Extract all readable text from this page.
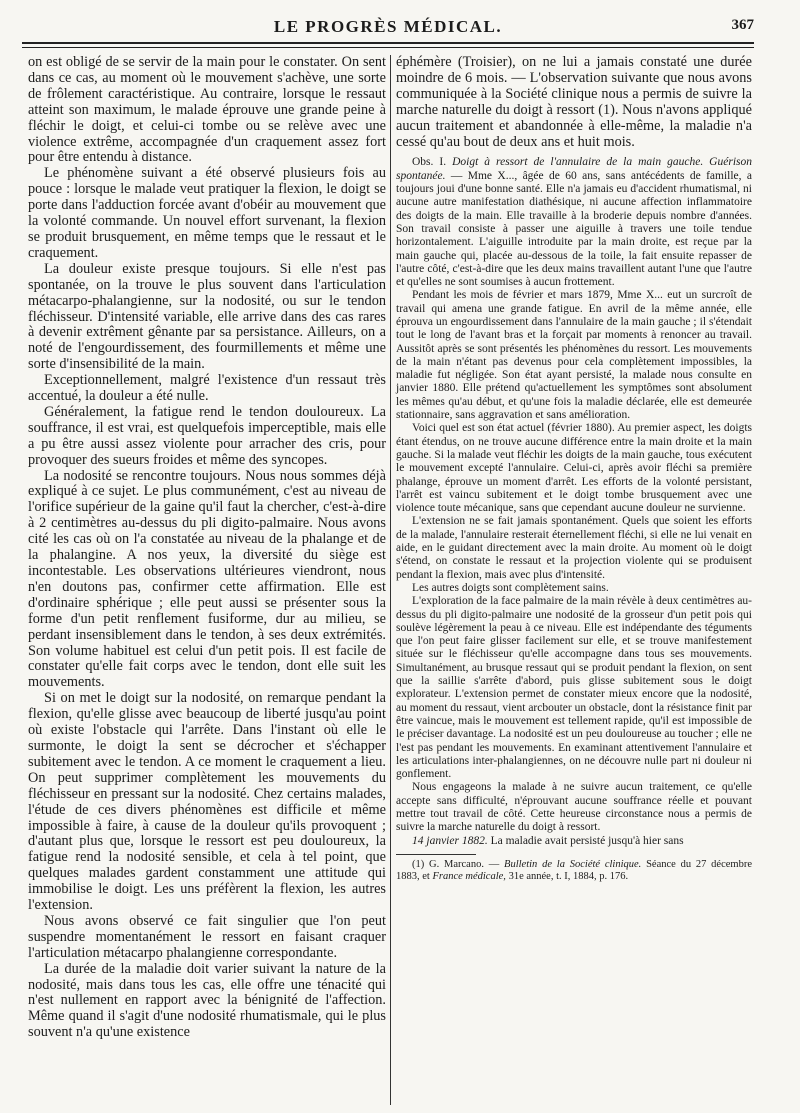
LE PROGRÈS MÉDICAL.	367

on est obligé de se servir de la main pour le constater. On sent dans ce cas, au moment où le mouvement s'achève, une sorte de frôlement caractéristique. Au contraire, lorsque le ressaut atteint son maximum, le malade éprouve une grande peine à fléchir le doigt, et celui-ci tombe ou se relève avec une violence extrême, accompagnée d'un craquement assez fort pour être entendu à distance.

Le phénomène suivant a été observé plusieurs fois au pouce : lorsque le malade veut pratiquer la flexion, le doigt se porte dans l'adduction forcée avant d'obéir au mouvement que la volonté commande. Un nouvel effort survenant, la flexion se produit brusquement, en même temps que le ressaut et le craquement.

La douleur existe presque toujours. Si elle n'est pas spontanée, on la trouve le plus souvent dans l'articulation métacarpo-phalangienne, sur la nodosité, ou sur le tendon fléchisseur. D'intensité variable, elle arrive dans des cas rares à devenir extrêment gênante par sa persistance. Ailleurs, on a noté de l'engourdissement, des fourmillements et même une sorte d'insensibilité de la main.

Exceptionnellement, malgré l'existence d'un ressaut très accentué, la douleur a été nulle.

Généralement, la fatigue rend le tendon douloureux. La souffrance, il est vrai, est quelquefois imperceptible, mais elle a pu être aussi assez violente pour arracher des cris, pour provoquer des sueurs froides et même des syncopes.

La nodosité se rencontre toujours. Nous nous sommes déjà expliqué à ce sujet. Le plus communément, c'est au niveau de l'orifice supérieur de la gaine qu'il faut la chercher, c'est-à-dire à 2 centimètres au-dessus du pli digito-palmaire. Nous avons cité les cas où on l'a constatée au niveau de la phalange et de la phalangine. A nos yeux, la diversité du siège est incontestable. Les observations ultérieures viendront, nous n'en doutons pas, confirmer cette affirmation. Elle est d'ordinaire sphérique ; elle peut aussi se présenter sous la forme d'un petit renflement fusiforme, dur au milieu, se perdant insensiblement dans le tendon, à ses deux extrémités. Son volume habituel est celui d'un petit pois. Il est facile de constater qu'elle fait corps avec le tendon, dont elle suit les mouvements.

Si on met le doigt sur la nodosité, on remarque pendant la flexion, qu'elle glisse avec beaucoup de liberté jusqu'au point où existe l'obstacle qui l'arrête. Dans l'instant où elle le surmonte, le doigt la sent se décrocher et s'échapper subitement avec le tendon. A ce moment le craquement a lieu. On peut supprimer complètement les mouvements du fléchisseur en pressant sur la nodosité. Chez certains malades, l'étude de ces divers phénomènes est difficile et même impossible à faire, à cause de la douleur qu'ils provoquent ; d'autant plus que, lorsque le ressort est peu douloureux, la fatigue rend la nodosité sensible, et cela à tel point, que quelques malades gardent constamment une attitude qui immobilise le doigt. Les uns préfèrent la flexion, les autres l'extension.

Nous avons observé ce fait singulier que l'on peut suspendre momentanément le ressort en faisant craquer l'articulation métacarpo phalangienne correspondante.

La durée de la maladie doit varier suivant la nature de la nodosité, mais dans tous les cas, elle offre une ténacité qui n'est nullement en rapport avec la bénignité de l'affection. Même quand il s'agit d'une nodosité rhumatismale, qui le plus souvent n'a qu'une existence

éphémère (Troisier), on ne lui a jamais constaté une durée moindre de 6 mois. — L'observation suivante que nous avons communiquée à la Société clinique nous a permis de suivre la marche naturelle du doigt à ressort (1). Nous n'avons appliqué aucun traitement et abandonnée à elle-même, la maladie n'a cessé qu'au bout de deux ans et huit mois.

Obs. I. Doigt à ressort de l'annulaire de la main gauche. Guérison spontanée. — Mme X..., âgée de 60 ans, sans antécédents de famille, a toujours joui d'une bonne santé. Elle n'a jamais eu d'accident rhumatismal, ni aucune autre manifestation diathésique, ni aucune affection inflammatoire des doigts de la main. Elle travaille à la broderie depuis nombre d'années. Son travail consiste à passer une aiguille à travers une toile tendue horizontalement. L'aiguille introduite par la main droite, est reçue par la main gauche qui, placée au-dessous de la toile, la fait ensuite repasser de l'autre côté, c'est-à-dire que les deux mains travaillent autant l'une que l'autre et qu'elles ne sont soumises à aucun frottement.

Pendant les mois de février et mars 1879, Mme X... eut un surcroît de travail qui amena une grande fatigue. En avril de la même année, elle éprouva un engourdissement dans l'annulaire de la main gauche ; il s'étendait tout le long de l'avant bras et la forçait par moments à renoncer au travail. Aussitôt après se sont présentés les phénomènes du ressort. Les mouvements de la main n'étant pas devenus pour cela complètement impossibles, la maladie fut négligée. Son état ayant persisté, la malade nous consulte en janvier 1880. Elle prétend qu'actuellement les symptômes sont absolument les mêmes qu'au début, et qu'une fois la maladie déclarée, elle est demeurée stationnaire, sans aggravation et sans amélioration.

Voici quel est son état actuel (février 1880). Au premier aspect, les doigts étant étendus, on ne trouve aucune différence entre la main droite et la main gauche. Si la malade veut fléchir les doigts de la main gauche, tous exécutent le mouvement excepté l'annulaire. Celui-ci, après avoir fléchi sa première phalange, éprouve un moment d'arrêt. Les efforts de la volonté persistant, l'arrêt est vaincu subitement et le doigt tombe brusquement avec une violence toute mécanique, sans que cependant aucune douleur ne survienne.

L'extension ne se fait jamais spontanément. Quels que soient les efforts de la malade, l'annulaire resterait éternellement fléchi, si elle ne lui venait en aide, en le guidant directement avec la main droite. Au moment où le doigt s'étend, on constate le ressaut et la projection violente qui se produisent pendant la flexion, mais avec plus d'intensité.

Les autres doigts sont complètement sains.

L'exploration de la face palmaire de la main révèle à deux centimètres au-dessus du pli digito-palmaire une nodosité de la grosseur d'un petit pois qui soulève légèrement la peau à ce niveau. Elle est indépendante des téguments que l'on peut faire glisser facilement sur elle, et se trouve manifestement située sur le fléchisseur qu'elle accompagne dans tous ses mouvements. Simultanément, au brusque ressaut qui se produit pendant la flexion, on sent que la saillie s'arrête d'abord, puis glisse subitement sous le doigt explorateur. L'extension permet de constater mieux encore que la nodosité, au moment du ressaut, vient arcbouter un obstacle, dont la résistance finit par être vaincue, mais le mouvement est tellement rapide, qu'il est impossible de le préciser davantage. La nodosité est un peu douloureuse au toucher ; elle ne l'est pas pendant les mouvements. En examinant attentivement l'annulaire et les articulations inter-phalangiennes, on ne découvre nulle part ni douleur ni gonflement.

Nous engageons la malade à ne suivre aucun traitement, ce qu'elle accepte sans difficulté, n'éprouvant aucune souffrance réelle et pouvant mettre tout travail de côté. Cette heureuse circonstance nous a permis de suivre la marche naturelle du doigt à ressort.

14 janvier 1882. La maladie avait persisté jusqu'à hier sans

(1) G. Marcano. — Bulletin de la Société clinique. Séance du 27 décembre 1883, et France médicale, 31e année, t. I, 1884, p. 176.
